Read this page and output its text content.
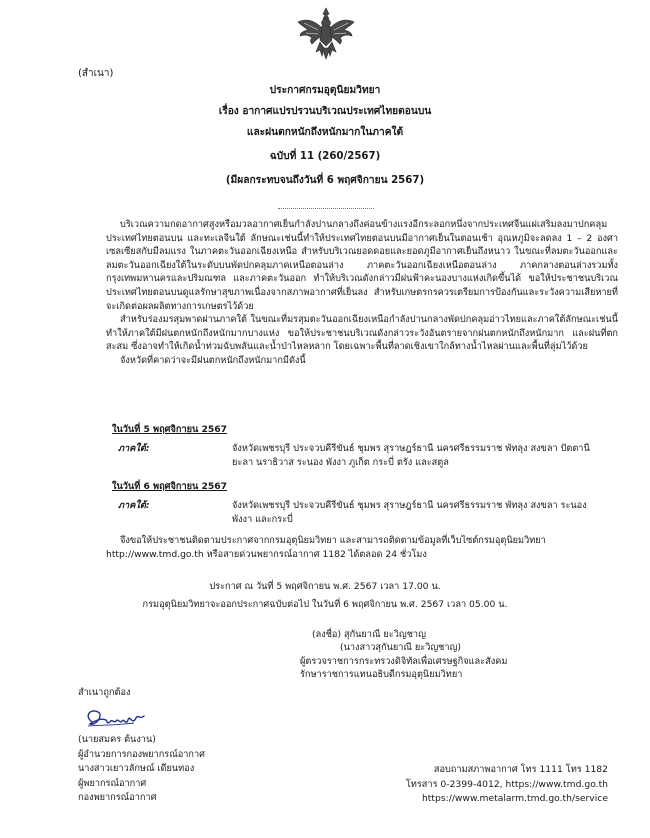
(สำเนา)
ประกาศกรมอุตุนิยมวิทยา
เรื่อง อากาศแปรปรวนบริเวณประเทศไทยตอนบน
และฝนตกหนักถึงหนักมากในภาคใต้
ฉบับที่ 11 (260/2567)
(มีผลกระทบจนถึงวันที่ 6 พฤศจิกายน 2567)

บริเวณความกดอากาศสูงหรือมวลอากาศเย็นกำลังปานกลางถึงค่อนข้างแรงอีกระลอกหนึ่งจากประเทศจีนแผ่เสริมลงมาปกคลุมประเทศไทยตอนบน และทะเลจีนใต้ ลักษณะเช่นนี้ทำให้ประเทศไทยตอนบนมีอากาศเย็นในตอนเช้า อุณหภูมิจะลดลง 1 – 2 องศาเซลเซียสกับมีลมแรง ในภาคตะวันออกเฉียงเหนือ สำหรับบริเวณยอดดอยและยอดภูมีอากาศเย็นถึงหนาว ในขณะที่ลมตะวันออกและลมตะวันออกเฉียงใต้ในระดับบนพัดปกคลุมภาคเหนือตอนล่าง ภาคตะวันออกเฉียงเหนือตอนล่าง ภาคกลางตอนล่างรวมทั้งกรุงเทพมหานครและปริมณฑล และภาคตะวันออก ทำให้บริเวณดังกล่าวมีฝนฟ้าคะนองบางแห่งเกิดขึ้นได้ ขอให้ประชาชนบริเวณประเทศไทยตอนบนดูแลรักษาสุขภาพเนื่องจากสภาพอากาศที่เย็นลง สำหรับเกษตรกรควรเตรียมการป้องกันและระวังความเสียหายที่จะเกิดต่อผลผลิตทางการเกษตรไว้ด้วย

สำหรับร่องมรสุมพาดผ่านภาคใต้ ในขณะที่มรสุมตะวันออกเฉียงเหนือกำลังปานกลางพัดปกคลุมอ่าวไทยและภาคใต้ลักษณะเช่นนี้ทำให้ภาคใต้มีฝนตกหนักถึงหนักมากบางแห่ง ขอให้ประชาชนบริเวณดังกล่าวระวังอันตรายจากฝนตกหนักถึงหนักมาก และฝนที่ตกสะสม ซึ่งอาจทำให้เกิดน้ำท่วมฉับพลันและน้ำป่าไหลหลาก โดยเฉพาะพื้นที่ลาดเชิงเขาใกล้ทางน้ำไหลผ่านและพื้นที่ลุ่มไว้ด้วย

จังหวัดที่คาดว่าจะมีฝนตกหนักถึงหนักมากมีดังนี้

ในวันที่ 5 พฤศจิกายน 2567
ภาคใต้:	จังหวัดเพชรบุรี ประจวบคีรีขันธ์ ชุมพร สุราษฎร์ธานี นครศรีธรรมราช พัทลุง สงขลา ปัตตานี
ยะลา นราธิวาส ระนอง พังงา ภูเก็ต กระบี่ ตรัง และสตูล
ในวันที่ 6 พฤศจิกายน 2567
ภาคใต้:	จังหวัดเพชรบุรี ประจวบคีรีขันธ์ ชุมพร สุราษฎร์ธานี นครศรีธรรมราช พัทลุง สงขลา ระนอง
พังงา และกระบี่

จึงขอให้ประชาชนติดตามประกาศจากกรมอุตุนิยมวิทยา และสามารถติดตามข้อมูลที่เว็บไซต์กรมอุตุนิยมวิทยา

http://www.tmd.go.th หรือสายด่วนพยากรณ์อากาศ 1182 ได้ตลอด 24 ชั่วโมง

ประกาศ ณ วันที่ 5 พฤศจิกายน พ.ศ. 2567 เวลา 17.00 น.
กรมอุตุนิยมวิทยาจะออกประกาศฉบับต่อไป ในวันที่ 6 พฤศจิกายน พ.ศ. 2567 เวลา 05.00 น.
(ลงชื่อ) สุกันยาณี ยะวิญชาญ
(นางสาวสุกันยาณี ยะวิญชาญ)
ผู้ตรวจราชการกระทรวงดิจิทัลเพื่อเศรษฐกิจและสังคม
รักษาราชการแทนอธิบดีกรมอุตุนิยมวิทยา
สำเนาถูกต้อง
(นายสมคร ต้นงาน)
ผู้อำนวยการกองพยากรณ์อากาศ
นางสาวเยาวลักษณ์ เดียนทอง
ผู้พยากรณ์อากาศ
กองพยากรณ์อากาศ
สอบถามสภาพอากาศ โทร 1111 โทร 1182
โทรสาร 0-2399-4012, https://www.tmd.go.th
https://www.metalarm.tmd.go.th/service
